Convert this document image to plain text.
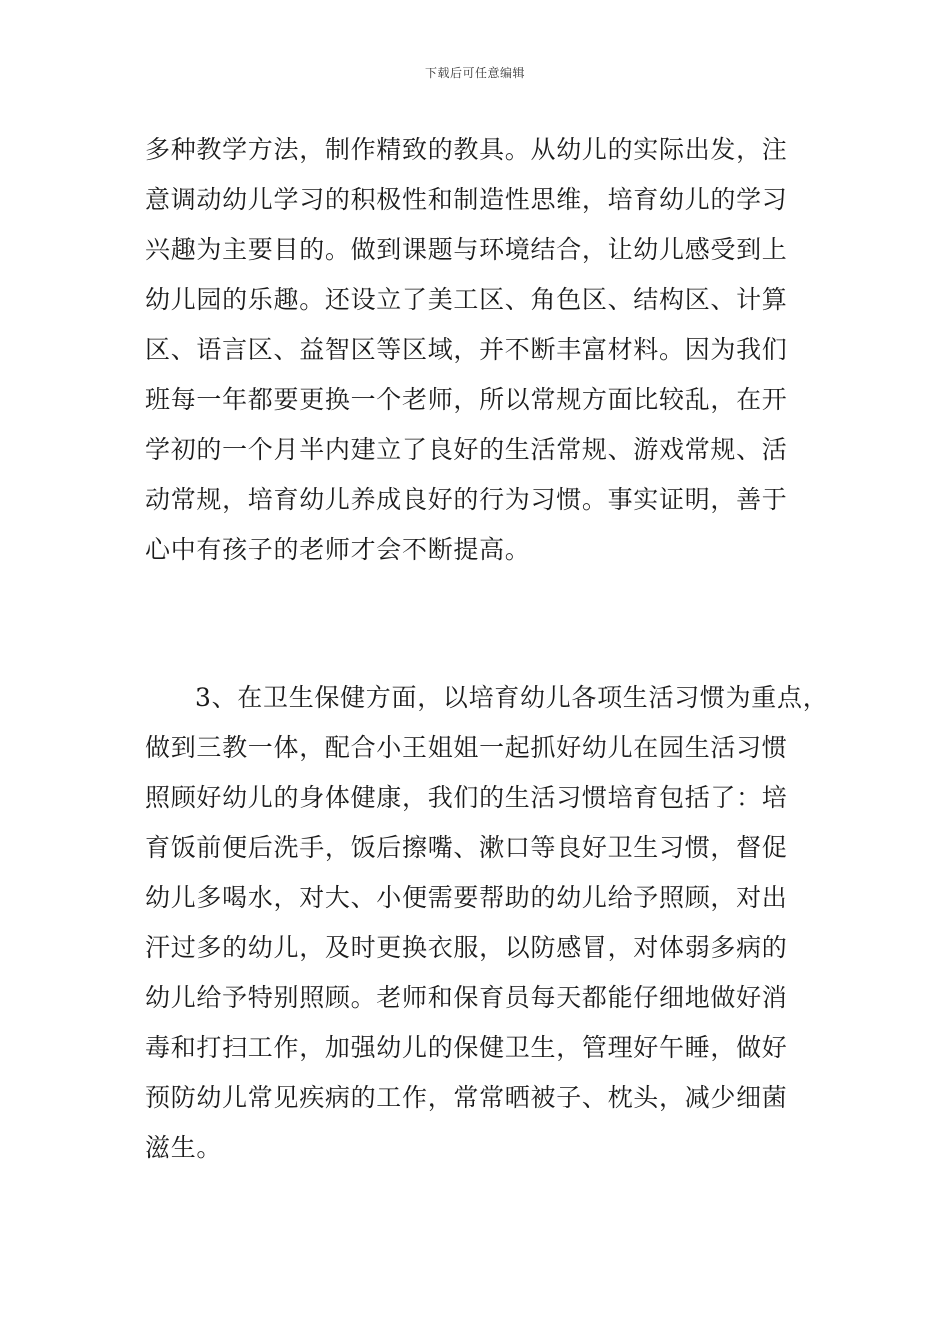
下载后可任意编辑
多种教学方法，制作精致的教具。从幼儿的实际出发，注
意调动幼儿学习的积极性和制造性思维，培育幼儿的学习
兴趣为主要目的。做到课题与环境结合，让幼儿感受到上
幼儿园的乐趣。还设立了美工区、角色区、结构区、计算
区、语言区、益智区等区域，并不断丰富材料。因为我们
班每一年都要更换一个老师，所以常规方面比较乱，在开
学初的一个月半内建立了良好的生活常规、游戏常规、活
动常规，培育幼儿养成良好的行为习惯。事实证明，善于
心中有孩子的老师才会不断提高。
3、在卫生保健方面，以培育幼儿各项生活习惯为重点，
做到三教一体，配合小王姐姐一起抓好幼儿在园生活习惯
照顾好幼儿的身体健康，我们的生活习惯培育包括了：培
育饭前便后洗手，饭后擦嘴、漱口等良好卫生习惯，督促
幼儿多喝水，对大、小便需要帮助的幼儿给予照顾，对出
汗过多的幼儿，及时更换衣服，以防感冒，对体弱多病的
幼儿给予特别照顾。老师和保育员每天都能仔细地做好消
毒和打扫工作，加强幼儿的保健卫生，管理好午睡，做好
预防幼儿常见疾病的工作，常常晒被子、枕头，减少细菌
滋生。
